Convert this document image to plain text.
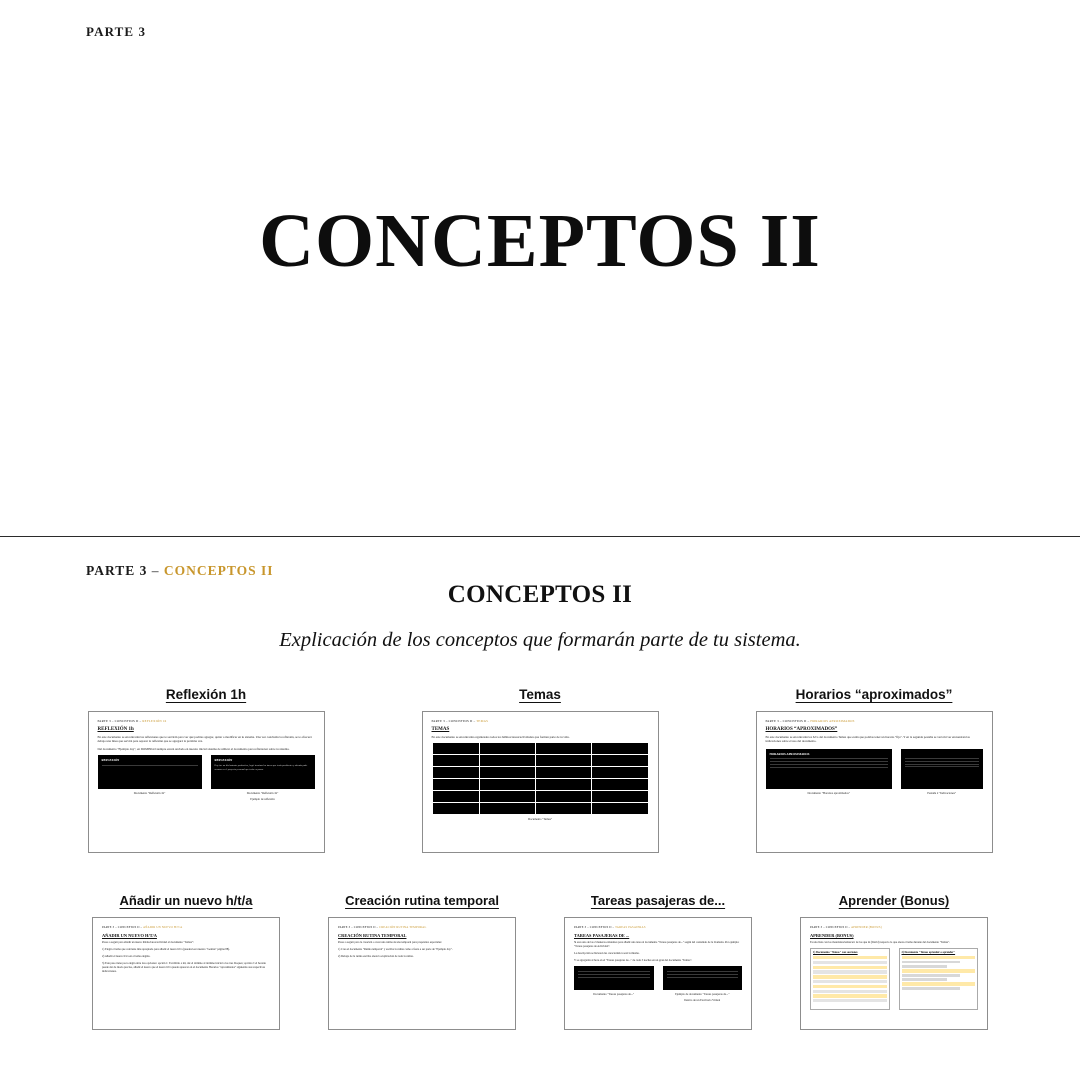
PARTE 3
CONCEPTOS II
PARTE 3 – CONCEPTOS II
CONCEPTOS II
Explicación de los conceptos que formarán parte de tu sistema.
Reflexión 1h
PARTE 3 – CONCEPTOS II – REFLEXIÓN 1h
REFLEXIÓN 1h
En este documento se encontrarán las reflexiones que te servirán para ver qué podrías agregar, quitar o modificar en tu sistema. Una vez concluida la reflexión, se te ofrecerá debajo una línea que servirá para separar la reflexión que se agregará la próxima vez.
Del documento "Ejemplo day", en DOMINGO siempre estará anclado en nuestro inicial sistema de utilizar el documento para reflexionar sobre tu sistema.
REFLEXIÓN
Documento "Reflexión 1h"
REFLEXIÓN
Hoy fue un día bastante productivo, logré terminar las tareas que tenía pendientes y además pude avanzar en el proyecto personal que tenía en pausa.
Documento "Reflexión 1h"
Ejemplo de reflexión
Temas
PARTE 3 – CONCEPTOS II – TEMAS
TEMAS
En este documento se encontrarán organizados todos los hábitos/tareas/actividades que forman parte de tu vida.

Documento "Temas"
Horarios “aproximados”
PARTE 3 – CONCEPTOS II – HORARIOS APROXIMADOS
HORARIOS “APROXIMADOS”
En este documento se encontrarán los h/t/a del documento Temas que están que podrías tener un horario "fijo". Y en la segunda pestaña se verá mi ver encuentran las indicaciones sobre el uso del documento.
HORARIOS APROXIMADOS
Documento "Horarios aproximados"
	Pestaña 2 "Indicaciones"
Añadir un nuevo h/t/a
PARTE 3 – CONCEPTOS II – AÑADIR UN NUEVO H/T/A
AÑADIR UN NUEVO H/T/A
Pasos a seguir para añadir un nuevo hábito/tarea/actividad al documento "Temas":
1) Elegir el tema que conviene más apropiado para añadir el nuevo h/t/a (puedes leer nuestro "Genius" página 88).
2) Añadir el nuevo h/t/a en el tema elegido.
3) Este paso tiene poca elegir entre dos opciones: opción 1: Escribirlo a mí, dar el término al término inicial a los tres bloques; opción 2: el horario puede dar de modo preciso, añadir el nuevo que el nuevo h/t/a puede aparecer en el documento Horarios "aproximados" siguiendo sus respectivas indicaciones.
Creación rutina temporal
PARTE 3 – CONCEPTOS II – CREACIÓN RUTINA TEMPORAL
CREACIÓN RUTINA TEMPORAL
Pasos a seguir para la creación o crear una rutina de una temporal para propósitos especiales:
1) Crea el documento "Rutina temporal" y escribe la rutina como a fuera a ser parte de "Ejemplo day".
2) Debajo de la rutina escribe anota la explicación de toda la rutina.
Tareas pasajeras de...
PARTE 3 – CONCEPTOS II – TAREAS PASAJERAS
TAREAS PASAJERAS DE ...
Si eres uno de las 2 maneras existentes para añadir una tarea al documento "Tareas pasajeras de..." según del contenido de la Llamada. Por ejemplo: "Tareas pasajeras de Actividad".
La descripción se hicieron las característica será la misma.
Y se agregarán al hora en el "Tareas pasajeras de..." de cada 3 noches en un gran del documento "Temas".
Documento "Tareas pasajeras de..."	Ejemplo de documento "Tareas pasajeras de..."
Dentro de un Escritorio Virtual
Aprender (Bonus)
PARTE 3 – CONCEPTOS II – APRENDER (BONUS)
APRENDER (BONUS)
Es una lista con los materiales/temas/etc de los que tú (David) respecto lo que anota el tema durante del documento "Temas".
1) Documento "Temas" con secciones	2) Documento "Temas aprender o aprender"
